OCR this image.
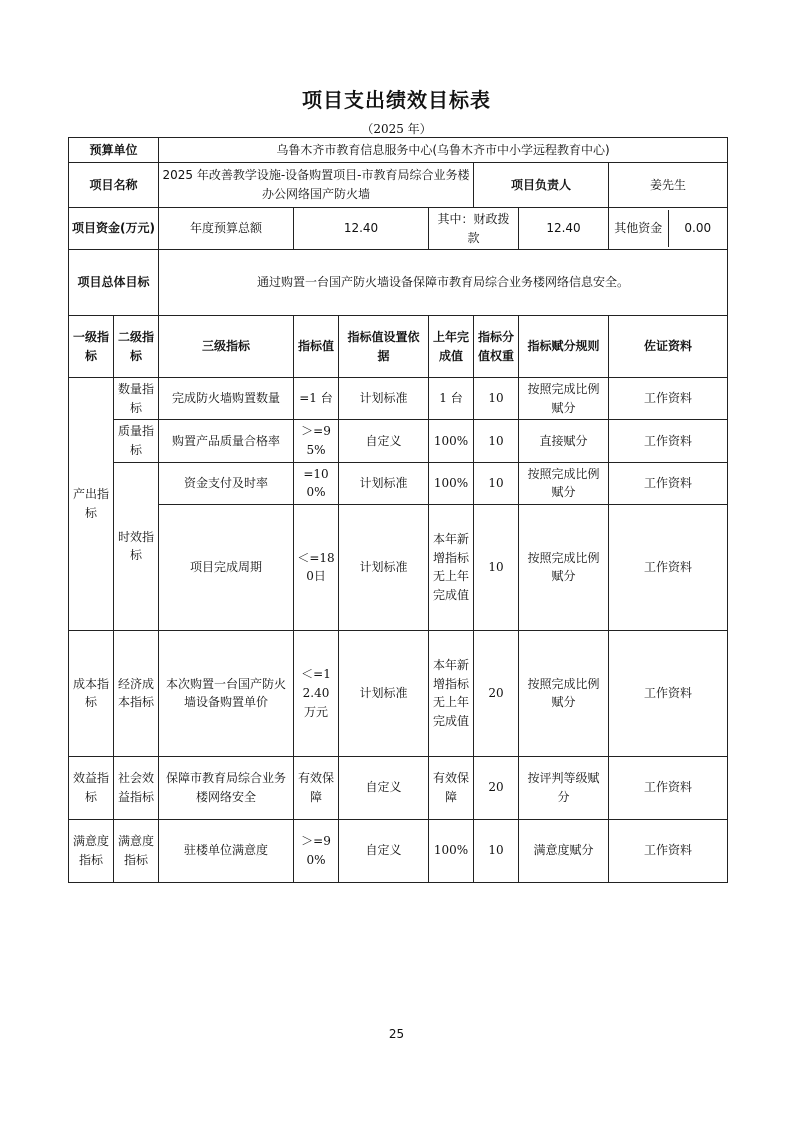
项目支出绩效目标表
（2025 年）
预算单位		乌鲁木齐市教育信息服务中心(乌鲁木齐市中小学远程教育中心)						
项目名称		2025 年改善教学设施-设备购置项目-市教育局综合业务楼办公网络国产防火墙				项目负责人		姜先生
项目资金(万元)		年度预算总额	12.40		其中：财政拨款		12.40	其他资金 0.00

项目总体目标		通过购置一台国产防火墙设备保障市教育局综合业务楼网络信息安全。						
一级指标	二级指标	三级指标	指标值	指标值设置依据	上年完成值	指标分值权重	指标赋分规则	佐证资料
产出指标	数量指标	完成防火墙购置数量	=1 台	计划标准	1 台	10	按照完成比例赋分	工作资料
	质量指标	购置产品质量合格率	＞=95%	自定义	100%	10	直接赋分	工作资料
	时效指标	资金支付及时率	=100%	计划标准	100%	10	按照完成比例赋分	工作资料
		项目完成周期	＜=180日	计划标准	本年新增指标无上年完成值	10	按照完成比例赋分	工作资料
成本指标	经济成本指标	本次购置一台国产防火墙设备购置单价	＜=12.40万元	计划标准	本年新增指标无上年完成值	20	按照完成比例赋分	工作资料
效益指标	社会效益指标	保障市教育局综合业务楼网络安全	有效保障	自定义	有效保障	20	按评判等级赋分	工作资料
满意度指标	满意度指标	驻楼单位满意度	＞=90%	自定义	100%	10	满意度赋分	工作资料
25
